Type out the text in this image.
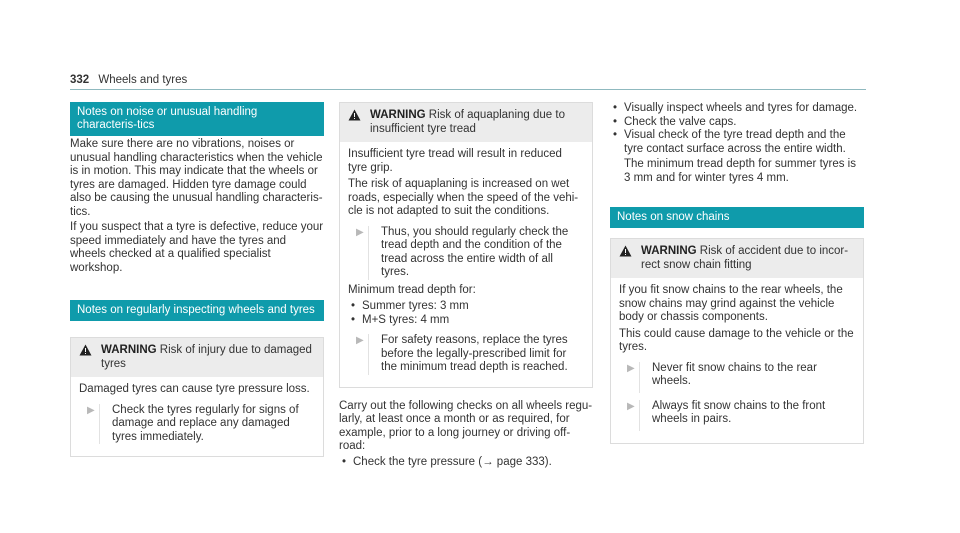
332 Wheels and tyres
Notes on noise or unusual handling characteris-tics

Make sure there are no vibrations, noises or unusual handling characteristics when the vehicle is in motion. This may indicate that the wheels or tyres are damaged. Hidden tyre damage could also be causing the unusual handling characteris-tics.

If you suspect that a tyre is defective, reduce your speed immediately and have the tyres and wheels checked at a qualified specialist workshop.

Notes on regularly inspecting wheels and tyres
WARNING Risk of injury due to damaged tyres

Damaged tyres can cause tyre pressure loss.

▶	Check the tyres regularly for signs of damage and replace any damaged tyres immediately.
WARNING Risk of aquaplaning due to insufficient tyre tread

Insufficient tyre tread will result in reduced tyre grip.

The risk of aquaplaning is increased on wet roads, especially when the speed of the vehi-cle is not adapted to suit the conditions.

▶	Thus, you should regularly check the tread depth and the condition of the tread across the entire width of all tyres.

Minimum tread depth for:

• Summer tyres: 3 mm
• M+S tyres: 4 mm
▶	For safety reasons, replace the tyres before the legally-prescribed limit for the minimum tread depth is reached.

Carry out the following checks on all wheels regu-larly, at least once a month or as required, for example, prior to a long journey or driving off-road:

• Check the tyre pressure (→ page 333).
• Visually inspect wheels and tyres for damage.
• Check the valve caps.
• Visual check of the tyre tread depth and the tyre contact surface across the entire width.

The minimum tread depth for summer tyres is 3 mm and for winter tyres 4 mm.

Notes on snow chains
WARNING Risk of accident due to incor-rect snow chain fitting

If you fit snow chains to the rear wheels, the snow chains may grind against the vehicle body or chassis components.

This could cause damage to the vehicle or the tyres.

▶	Never fit snow chains to the rear wheels.
▶	Always fit snow chains to the front wheels in pairs.
